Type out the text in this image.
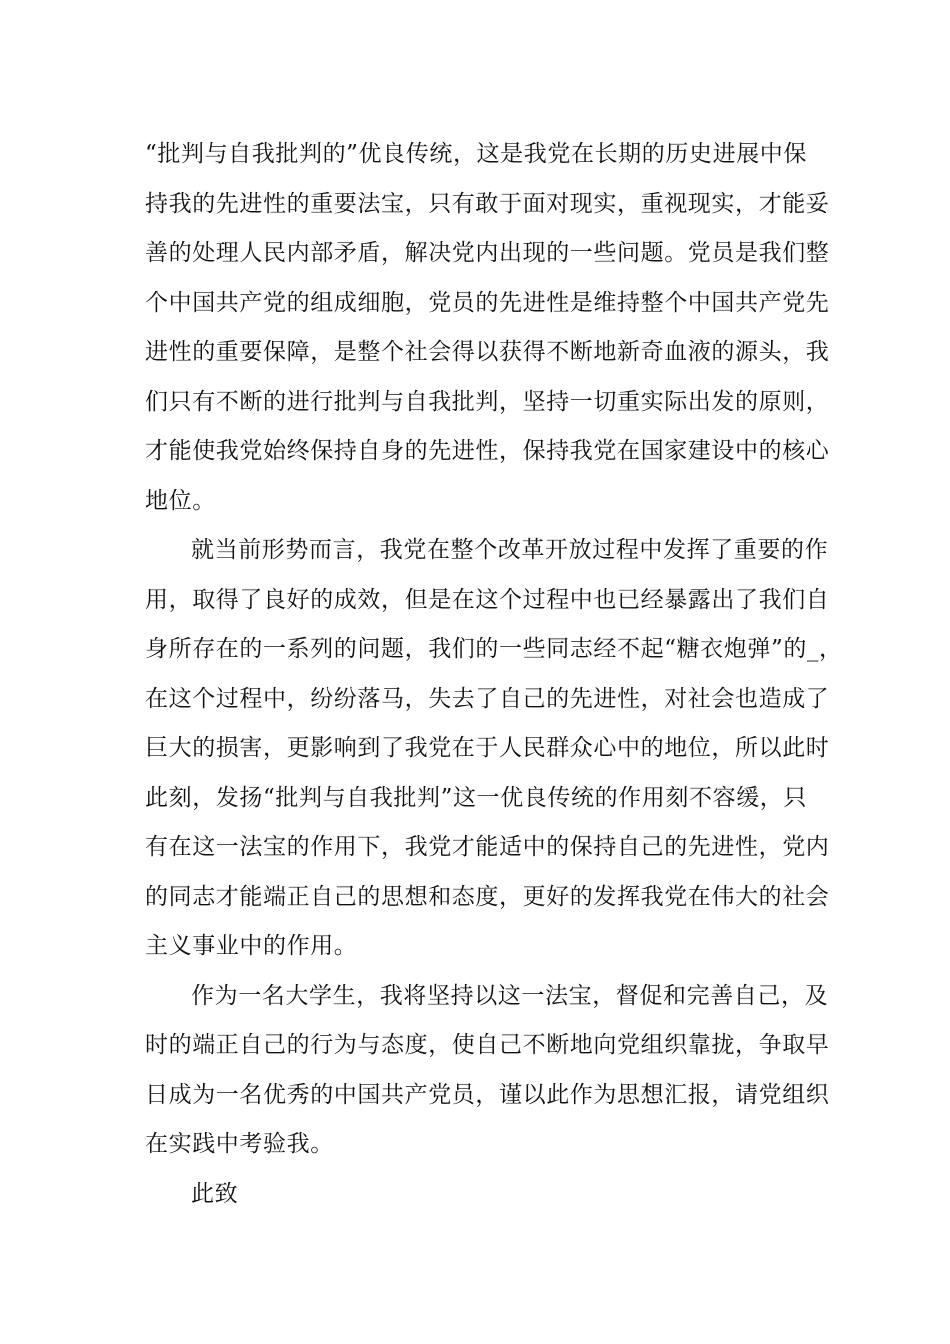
“批判与自我批判的”优良传统，这是我党在长期的历史进展中保
持我的先进性的重要法宝，只有敢于面对现实，重视现实，才能妥
善的处理人民内部矛盾，解决党内出现的一些问题。党员是我们整
个中国共产党的组成细胞，党员的先进性是维持整个中国共产党先
进性的重要保障，是整个社会得以获得不断地新奇血液的源头，我
们只有不断的进行批判与自我批判，坚持一切重实际出发的原则，
才能使我党始终保持自身的先进性，保持我党在国家建设中的核心
地位。
就当前形势而言，我党在整个改革开放过程中发挥了重要的作
用，取得了良好的成效，但是在这个过程中也已经暴露出了我们自
身所存在的一系列的问题，我们的一些同志经不起“糖衣炮弹”的_，
在这个过程中，纷纷落马，失去了自己的先进性，对社会也造成了
巨大的损害，更影响到了我党在于人民群众心中的地位，所以此时
此刻，发扬“批判与自我批判”这一优良传统的作用刻不容缓，只
有在这一法宝的作用下，我党才能适中的保持自己的先进性，党内
的同志才能端正自己的思想和态度，更好的发挥我党在伟大的社会
主义事业中的作用。
作为一名大学生，我将坚持以这一法宝，督促和完善自己，及
时的端正自己的行为与态度，使自己不断地向党组织靠拢，争取早
日成为一名优秀的中国共产党员，谨以此作为思想汇报，请党组织
在实践中考验我。
此致
